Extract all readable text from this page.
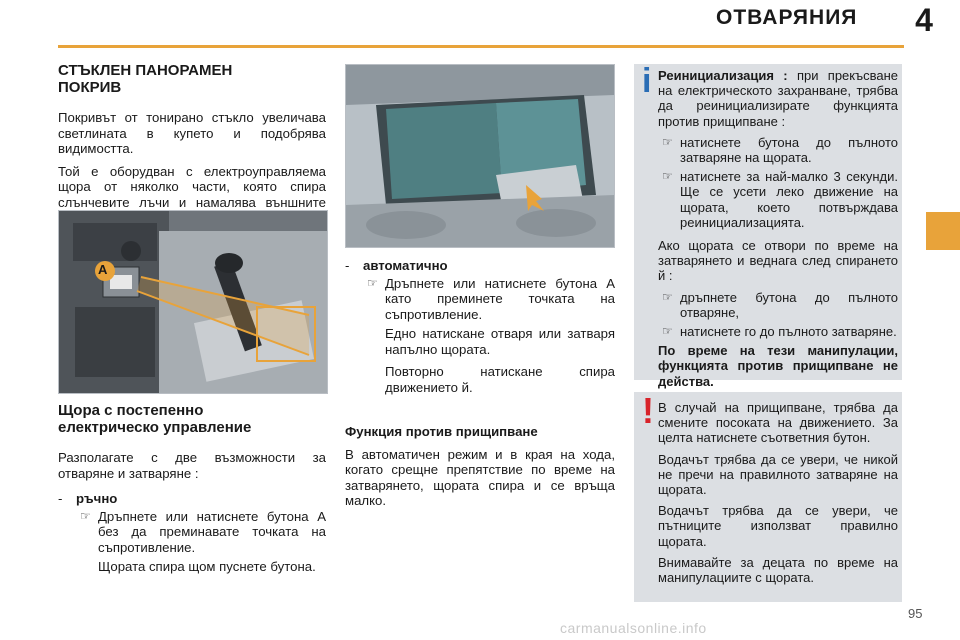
ОТВАРЯНИЯ	4
СТЪКЛЕН ПАНОРАМЕН
ПОКРИВ

Покривът от тонирано стъкло увеличава светлината в купето и подобрява видимостта.

Той е оборудван с електроуправляема щора от няколко части, която спира слънчевите лъчи и намалява външните

A
Щора с постепенно
електрическо управление

Разполагате с две възможности за отваряне и затваряне :

-	ръчно
☞ Дръпнете или натиснете бутона A без да преминавате точката на съпротивление.

Щората спира щом пуснете бутона.

-	автоматично
☞ Дръпнете или натиснете бутона A като преминете точката на съпротивление.

Едно натискане отваря или затваря напълно щората.

Повторно натискане спира движението й.

Функция против прищипване

В автоматичен режим и в края на хода, когато срещне препятствие по време на затварянето, щората спира и се връща малко.

i Реинициализация : при прекъсване на електрическото захранване, трябва да реинициализирате функцията против прищипване :

☞ натиснете бутона до пълното затваряне на щората.
☞ натиснете за най-малко 3 секунди. Ще се усети леко движение на щората, което потвърждава реинициализацията.

Ако щората се отвори по време на затварянето и веднага след спирането й :

☞ дръпнете бутона до пълното отваряне,
☞ натиснете го до пълното затваряне.

По време на тези манипулации, функцията против прищипване не действа.

! В случай на прищипване, трябва да смените посоката на движението. За целта натиснете съответния бутон.

Водачът трябва да се увери, че никой не пречи на правилното затваряне на щората.

Водачът трябва да се увери, че пътниците използват правилно щората.

Внимавайте за децата по време на манипулациите с щората.

95
carmanualsonline.info
